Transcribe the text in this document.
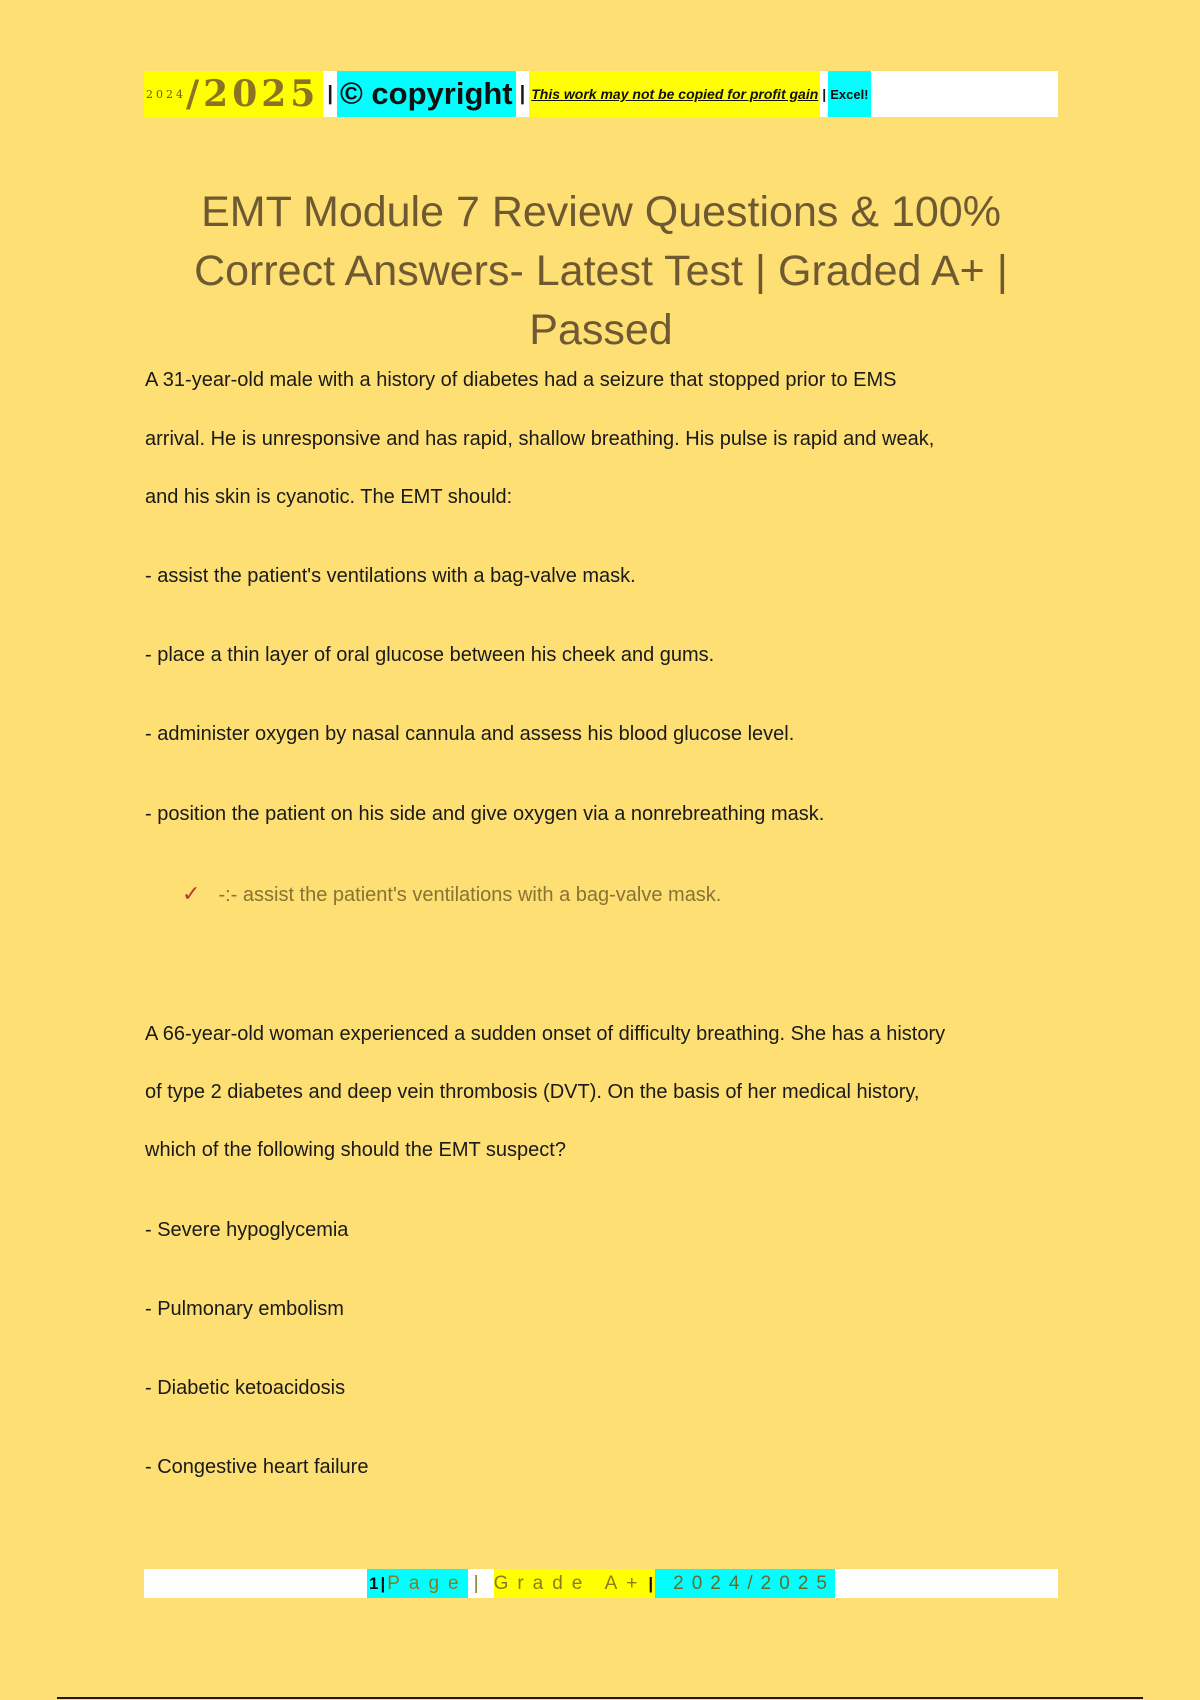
2024 /2025 | © copyright | This work may not be copied for profit gain | Excel!
EMT Module 7 Review Questions & 100%
Correct Answers- Latest Test | Graded A+ |
Passed
A 31-year-old male with a history of diabetes had a seizure that stopped prior to EMS
arrival. He is unresponsive and has rapid, shallow breathing. His pulse is rapid and weak,
and his skin is cyanotic. The EMT should:
- assist the patient's ventilations with a bag-valve mask.
- place a thin layer of oral glucose between his cheek and gums.
- administer oxygen by nasal cannula and assess his blood glucose level.
- position the patient on his side and give oxygen via a nonrebreathing mask.
✓ -:- assist the patient's ventilations with a bag-valve mask.
A 66-year-old woman experienced a sudden onset of difficulty breathing. She has a history
of type 2 diabetes and deep vein thrombosis (DVT). On the basis of her medical history,
which of the following should the EMT suspect?
- Severe hypoglycemia
- Pulmonary embolism
- Diabetic ketoacidosis
- Congestive heart failure
1 | Page | Grade A+ |	2024/2025
